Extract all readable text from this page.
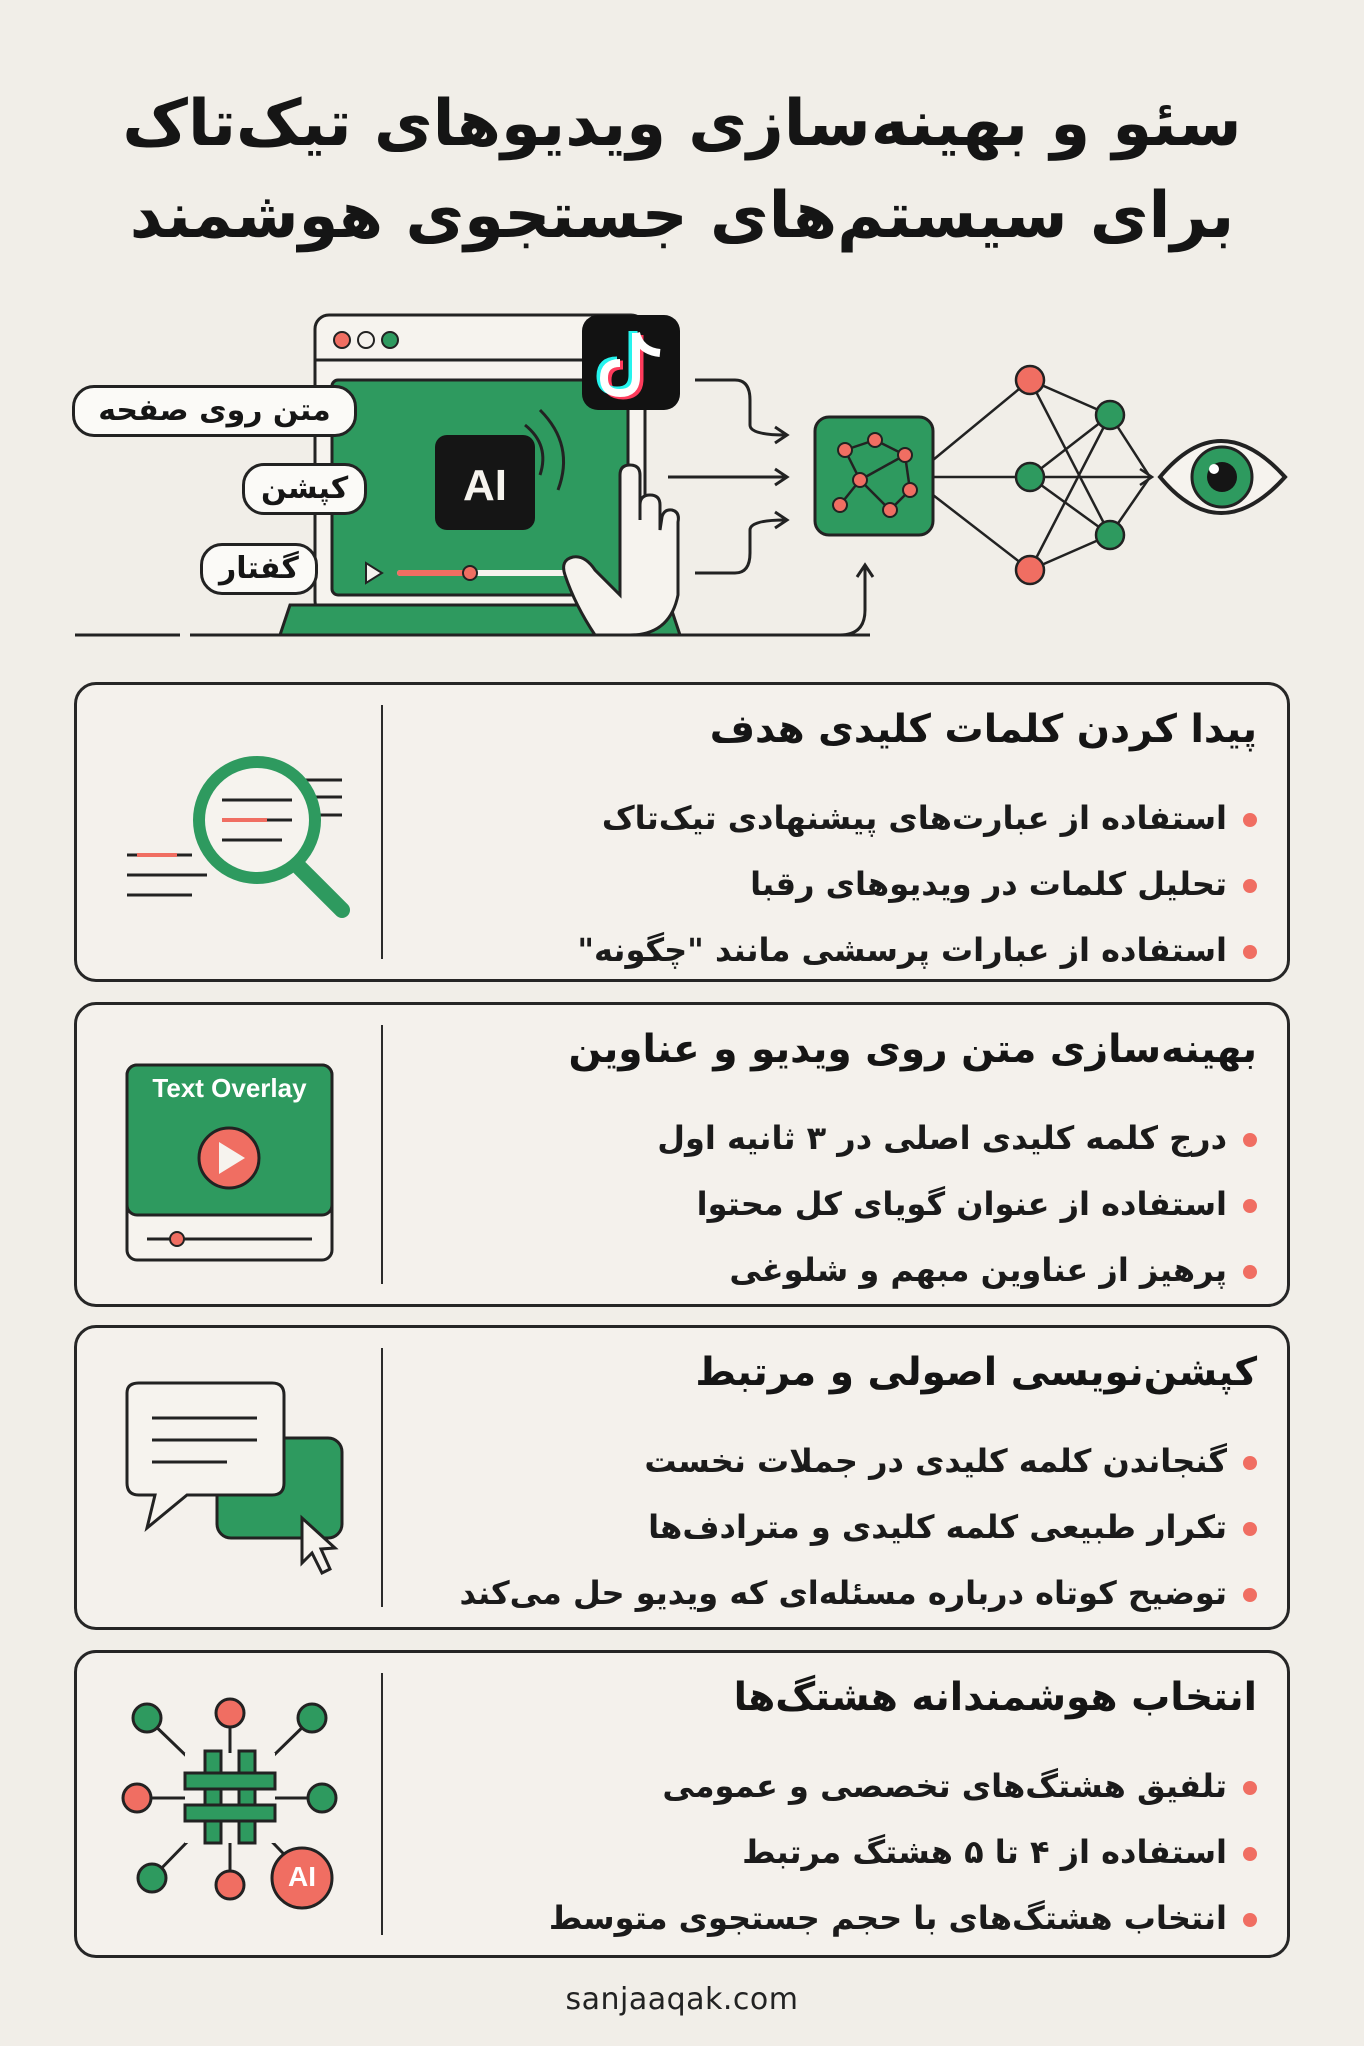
سئو و بهینه‌سازی ویدیوهای تیک‌تاک
برای سیستم‌های جستجوی هوشمند
AI
متن روی صفحه
کپشن
گفتار
پیدا کردن کلمات کلیدی هدف
استفاده از عبارت‌های پیشنهادی تیک‌تاک
تحلیل کلمات در ویدیوهای رقبا
استفاده از عبارات پرسشی مانند "چگونه"
Text Overlay
بهینه‌سازی متن روی ویدیو و عناوین
درج کلمه کلیدی اصلی در ۳ ثانیه اول
استفاده از عنوان گویای کل محتوا
پرهیز از عناوین مبهم و شلوغی
کپشن‌نویسی اصولی و مرتبط
گنجاندن کلمه کلیدی در جملات نخست
تکرار طبیعی کلمه کلیدی و مترادف‌ها
توضیح کوتاه درباره مسئله‌ای که ویدیو حل می‌کند
AI
انتخاب هوشمندانه هشتگ‌ها
تلفیق هشتگ‌های تخصصی و عمومی
استفاده از ۴ تا ۵ هشتگ مرتبط
انتخاب هشتگ‌های با حجم جستجوی متوسط
sanjaaqak.com
